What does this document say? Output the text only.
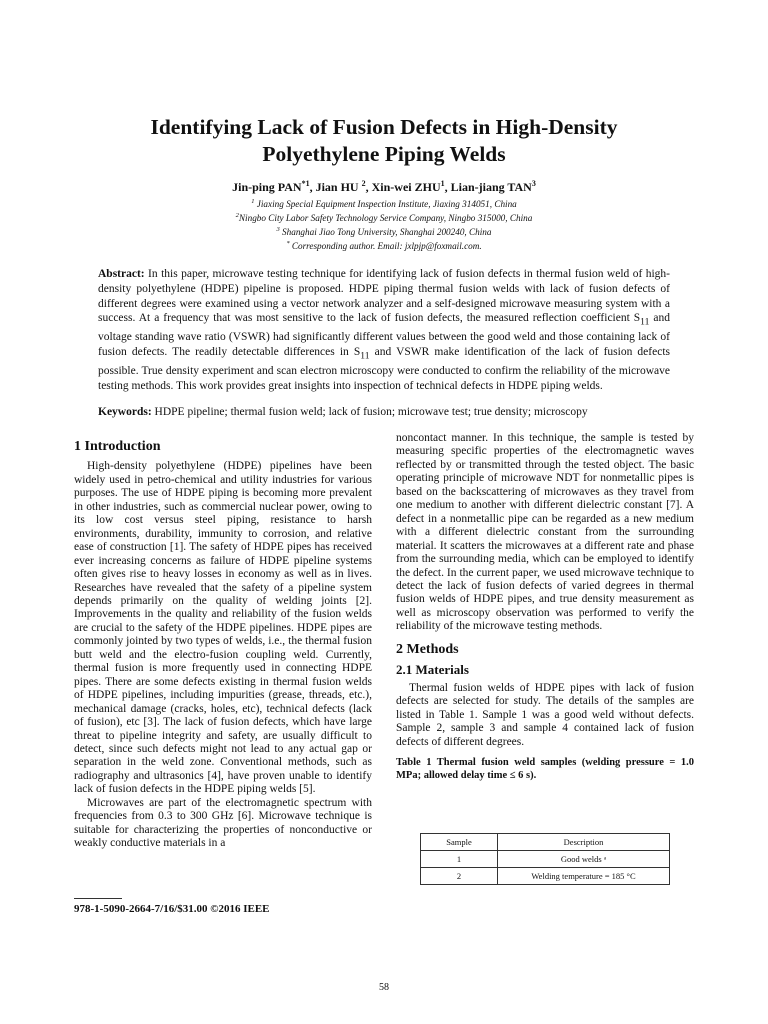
Identifying Lack of Fusion Defects in High-Density
Polyethylene Piping Welds
Jin-ping PAN$^{*1}$, Jian HU $^2$, Xin-wei ZHU$^1$, Lian-jiang TAN$^3$
$^1$ Jiaxing Special Equipment Inspection Institute, Jiaxing 314051, China
$^2$Ningbo City Labor Safety Technology Service Company, Ningbo 315000, China
$^3$ Shanghai Jiao Tong University, Shanghai 200240, China
* Corresponding author. Email: jxlpjp@foxmail.com.
Abstract: In this paper, microwave testing technique for identifying lack of fusion defects in thermal fusion weld of high-density polyethylene (HDPE) pipeline is proposed. HDPE piping thermal fusion welds with lack of fusion defects of different degrees were examined using a vector network analyzer and a self-designed microwave measuring system with a success. At a frequency that was most sensitive to the lack of fusion defects, the measured reflection coefficient $S_{11}$ and voltage standing wave ratio (VSWR) had significantly different values between the good weld and those containing lack of fusion defects. The readily detectable differences in $S_{11}$ and VSWR make identification of the lack of fusion defects possible. True density experiment and scan electron microscopy were conducted to confirm the reliability of the microwave testing methods. This work provides great insights into inspection of technical defects in HDPE piping welds.
Keywords: HDPE pipeline; thermal fusion weld; lack of fusion; microwave test; true density; microscopy
1 Introduction

High-density polyethylene (HDPE) pipelines have been widely used in petro-chemical and utility industries for various purposes. The use of HDPE piping is becoming more prevalent in other industries, such as commercial nuclear power, owing to its low cost versus steel piping, resistance to harsh environments, durability, immunity to corrosion, and relative ease of construction [1]. The safety of HDPE pipes has received ever increasing concerns as failure of HDPE pipeline systems often gives rise to heavy losses in economy as well as in lives. Researches have revealed that the safety of a pipeline system depends primarily on the quality of welding joints [2]. Improvements in the quality and reliability of the fusion welds are crucial to the safety of the HDPE pipelines. HDPE pipes are commonly jointed by two types of welds, i.e., the thermal fusion butt weld and the electro-fusion coupling weld. Currently, thermal fusion is more frequently used in connecting HDPE pipes. There are some defects existing in thermal fusion welds of HDPE pipelines, including impurities (grease, threads, etc.), mechanical damage (cracks, holes, etc), technical defects (lack of fusion), etc [3]. The lack of fusion defects, which have large threat to pipeline integrity and safety, are usually difficult to detect, since such defects might not lead to any actual gap or separation in the weld zone. Conventional methods, such as radiography and ultrasonics [4], have proven unable to identify lack of fusion defects in the HDPE piping welds [5].

Microwaves are part of the electromagnetic spectrum with frequencies from 0.3 to 300 GHz [6]. Microwave technique is suitable for characterizing the properties of nonconductive or weakly conductive materials in a

noncontact manner. In this technique, the sample is tested by measuring specific properties of the electromagnetic waves reflected by or transmitted through the tested object. The basic operating principle of microwave NDT for nonmetallic pipes is based on the backscattering of microwaves as they travel from one medium to another with different dielectric constant [7]. A defect in a nonmetallic pipe can be regarded as a new medium with a different dielectric constant from the surrounding material. It scatters the microwaves at a different rate and phase from the surrounding media, which can be employed to identify the defect. In the current paper, we used microwave technique to detect the lack of fusion defects of varied degrees in thermal fusion welds of HDPE pipes, and true density measurement as well as microscopy observation was performed to verify the reliability of the microwave testing methods.

2 Methods
2.1 Materials

Thermal fusion welds of HDPE pipes with lack of fusion defects are selected for study. The details of the samples are listed in Table 1. Sample 1 was a good weld without defects. Sample 2, sample 3 and sample 4 contained lack of fusion defects of different degrees.

Table 1 Thermal fusion weld samples (welding pressure = 1.0 MPa; allowed delay time ≤ 6 s).
Sample	Description
1	Good welds ᵃ
2	Welding temperature = 185 °C
978-1-5090-2664-7/16/$31.00 ©2016 IEEE
58
